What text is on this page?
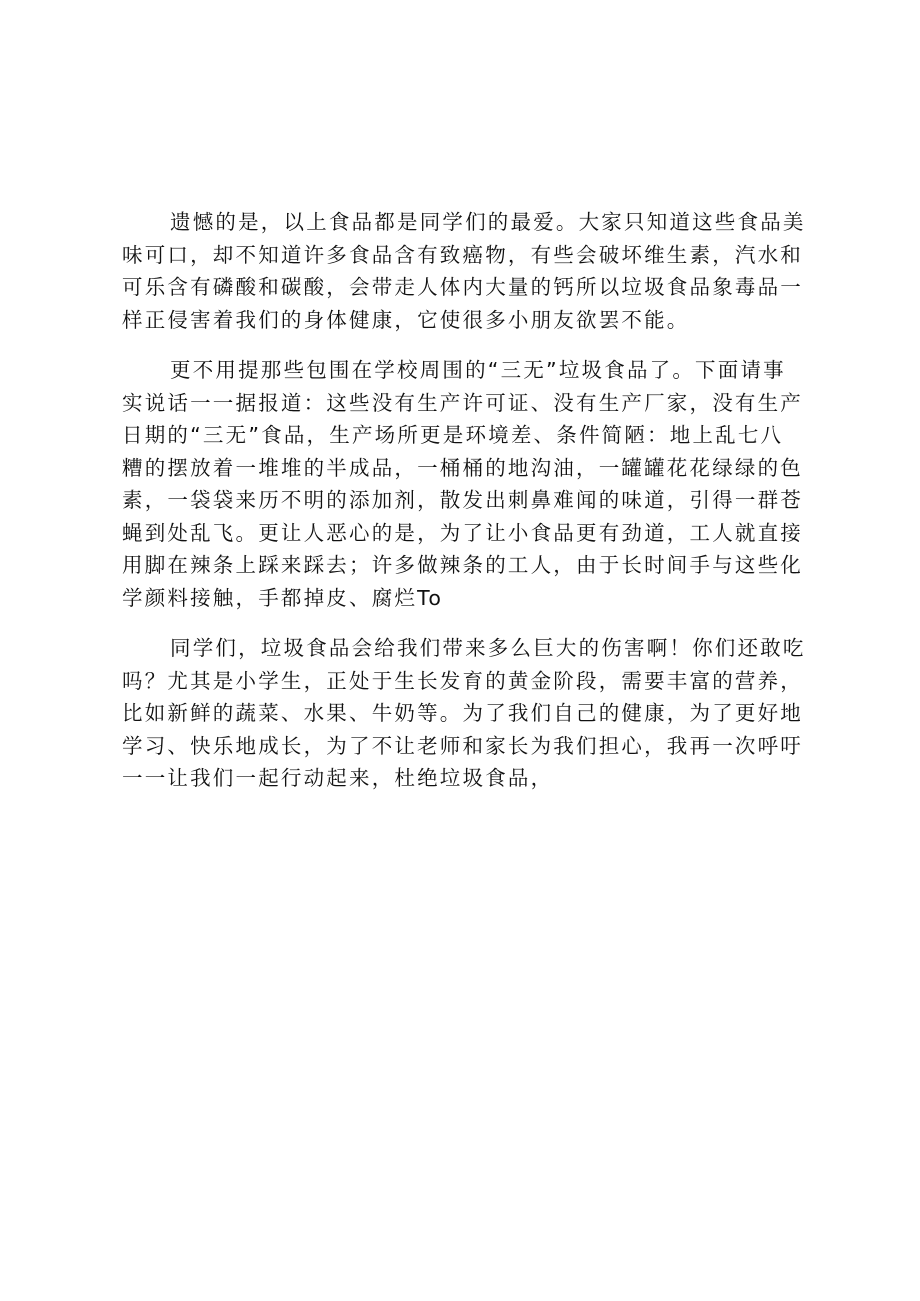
遗憾的是，以上食品都是同学们的最爱。大家只知道这些食品美
味可口，却不知道许多食品含有致癌物，有些会破坏维生素，汽水和
可乐含有磷酸和碳酸，会带走人体内大量的钙所以垃圾食品象毒品一
样正侵害着我们的身体健康，它使很多小朋友欲罢不能。

更不用提那些包围在学校周围的“三无”垃圾食品了。下面请事
实说话一一据报道：这些没有生产许可证、没有生产厂家，没有生产
日期的“三无”食品，生产场所更是环境差、条件简陋：地上乱七八
糟的摆放着一堆堆的半成品，一桶桶的地沟油，一罐罐花花绿绿的色
素，一袋袋来历不明的添加剂，散发出刺鼻难闻的味道，引得一群苍
蝇到处乱飞。更让人恶心的是，为了让小食品更有劲道，工人就直接
用脚在辣条上踩来踩去；许多做辣条的工人，由于长时间手与这些化
学颜料接触，手都掉皮、腐烂To

同学们，垃圾食品会给我们带来多么巨大的伤害啊！你们还敢吃
吗？尤其是小学生，正处于生长发育的黄金阶段，需要丰富的营养，
比如新鲜的蔬菜、水果、牛奶等。为了我们自己的健康，为了更好地
学习、快乐地成长，为了不让老师和家长为我们担心，我再一次呼吁
一一让我们一起行动起来，杜绝垃圾食品，
